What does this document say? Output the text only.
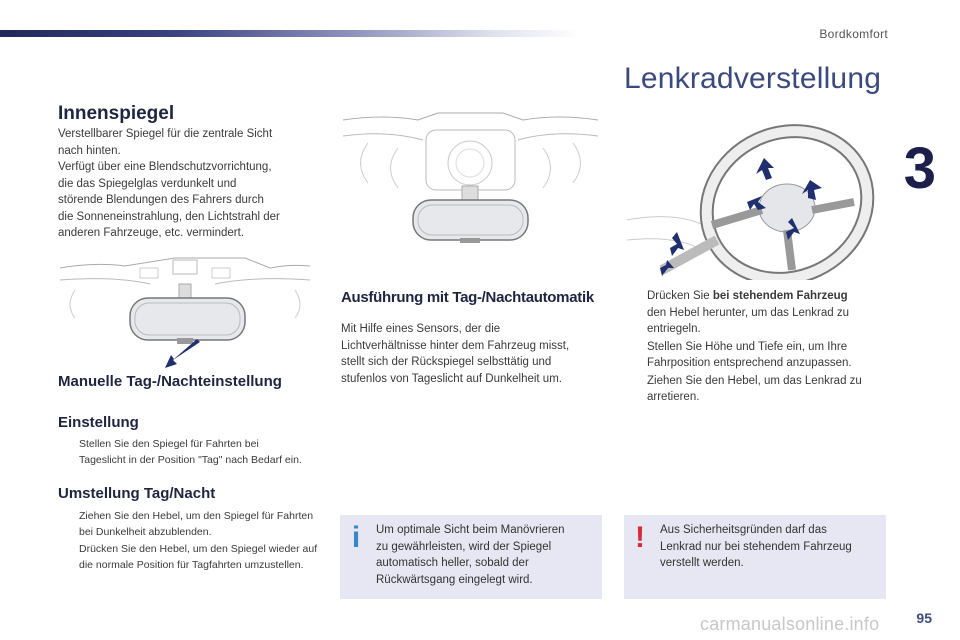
Bordkomfort
3
Lenkradverstellung
Innenspiegel
Verstellbarer Spiegel für die zentrale Sicht
nach hinten.
Verfügt über eine Blendschutzvorrichtung,
die das Spiegelglas verdunkelt und
störende Blendungen des Fahrers durch
die Sonneneinstrahlung, den Lichtstrahl der
anderen Fahrzeuge, etc. vermindert.
Manuelle Tag-/Nachteinstellung
Einstellung
Stellen Sie den Spiegel für Fahrten bei
Tageslicht in der Position "Tag" nach Bedarf ein.
Umstellung Tag/Nacht
Ziehen Sie den Hebel, um den Spiegel für Fahrten
bei Dunkelheit abzublenden.
Drücken Sie den Hebel, um den Spiegel wieder auf
die normale Position für Tagfahrten umzustellen.
Ausführung mit Tag-/Nachtautomatik
Mit Hilfe eines Sensors, der die
Lichtverhältnisse hinter dem Fahrzeug misst,
stellt sich der Rückspiegel selbsttätig und
stufenlos von Tageslicht auf Dunkelheit um.
Drücken Sie bei stehendem Fahrzeug
den Hebel herunter, um das Lenkrad zu
entriegeln.
Stellen Sie Höhe und Tiefe ein, um Ihre
Fahrposition entsprechend anzupassen.
Ziehen Sie den Hebel, um das Lenkrad zu
arretieren.
i	Um optimale Sicht beim Manövrieren
zu gewährleisten, wird der Spiegel
automatisch heller, sobald der
Rückwärtsgang eingelegt wird.
!	Aus Sicherheitsgründen darf das
Lenkrad nur bei stehendem Fahrzeug
verstellt werden.
carmanualsonline.info	95
